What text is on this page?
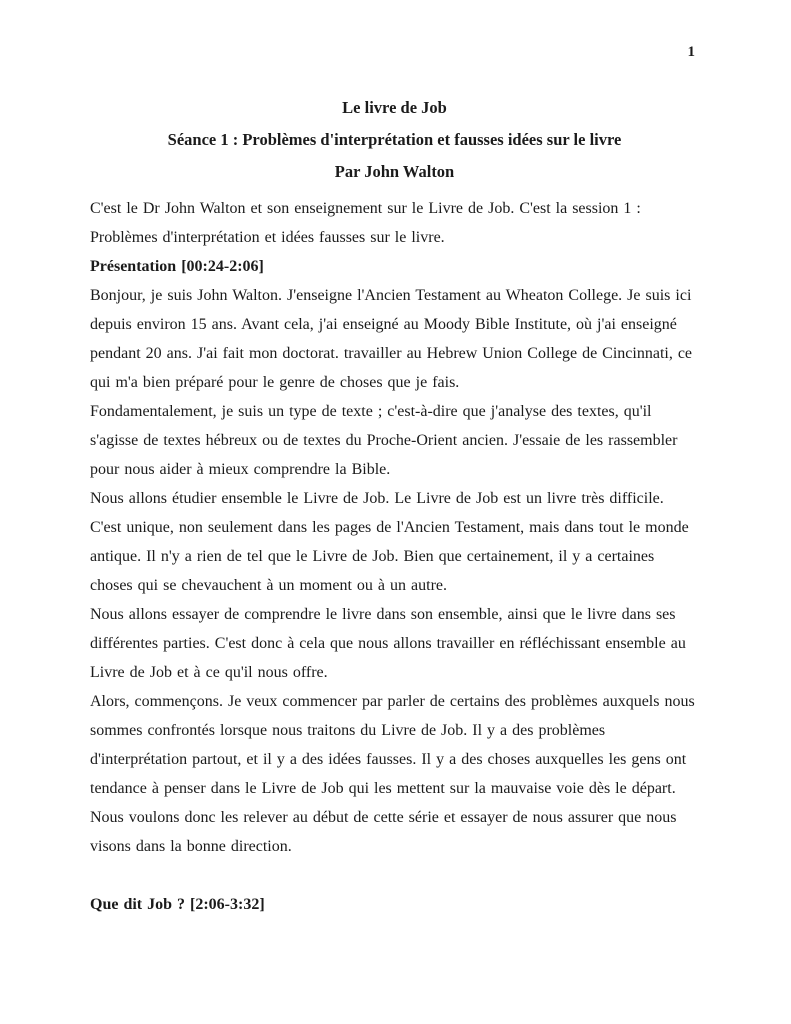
1

Le livre de Job

Séance 1 : Problèmes d'interprétation et fausses idées sur le livre

Par John Walton

C'est le Dr John Walton et son enseignement sur le Livre de Job. C'est la session 1 : Problèmes d'interprétation et idées fausses sur le livre.

Présentation [00:24-2:06]

Bonjour, je suis John Walton. J'enseigne l'Ancien Testament au Wheaton College. Je suis ici depuis environ 15 ans. Avant cela, j'ai enseigné au Moody Bible Institute, où j'ai enseigné pendant 20 ans. J'ai fait mon doctorat. travailler au Hebrew Union College de Cincinnati, ce qui m'a bien préparé pour le genre de choses que je fais.

Fondamentalement, je suis un type de texte ; c'est-à-dire que j'analyse des textes, qu'il s'agisse de textes hébreux ou de textes du Proche-Orient ancien. J'essaie de les rassembler pour nous aider à mieux comprendre la Bible.

Nous allons étudier ensemble le Livre de Job. Le Livre de Job est un livre très difficile. C'est unique, non seulement dans les pages de l'Ancien Testament, mais dans tout le monde antique. Il n'y a rien de tel que le Livre de Job. Bien que certainement, il y a certaines choses qui se chevauchent à un moment ou à un autre.

Nous allons essayer de comprendre le livre dans son ensemble, ainsi que le livre dans ses différentes parties. C'est donc à cela que nous allons travailler en réfléchissant ensemble au Livre de Job et à ce qu'il nous offre.

Alors, commençons. Je veux commencer par parler de certains des problèmes auxquels nous sommes confrontés lorsque nous traitons du Livre de Job. Il y a des problèmes d'interprétation partout, et il y a des idées fausses. Il y a des choses auxquelles les gens ont tendance à penser dans le Livre de Job qui les mettent sur la mauvaise voie dès le départ. Nous voulons donc les relever au début de cette série et essayer de nous assurer que nous visons dans la bonne direction.

Que dit Job ? [2:06-3:32]
